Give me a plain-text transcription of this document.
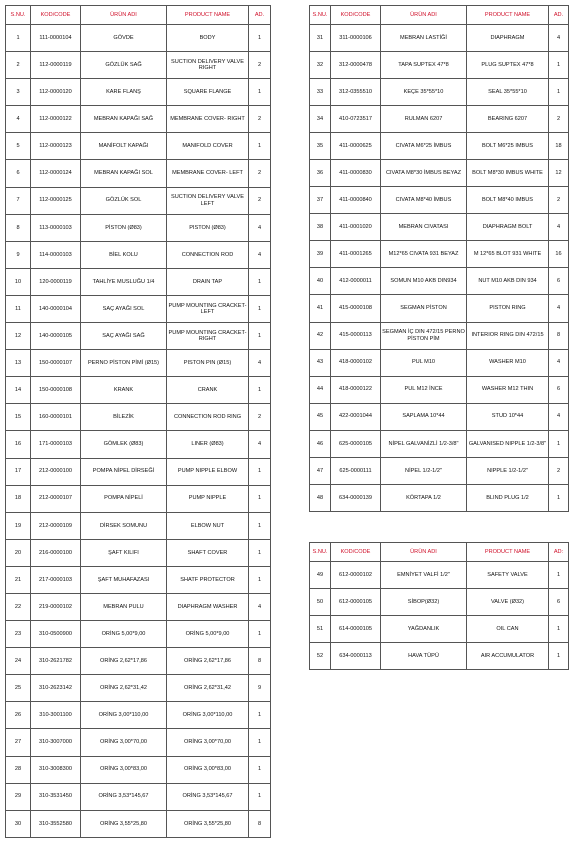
S.NU.	KOD/CODE	ÜRÜN ADI	PRODUCT NAME	AD.
1	111-0000104	GÖVDE	BODY	1
2	112-0000119	GÖZLÜK SAĞ	SUCTION DELIVERY VALVE RIGHT	2
3	112-0000120	KARE FLANŞ	SQUARE FLANGE	1
4	112-0000122	MEBRAN KAPAĞI SAĞ	MEMBRANE COVER- RIGHT	2
5	112-0000123	MANİFOLT KAPAĞI	MANIFOLD COVER	1
6	112-0000124	MEBRAN KAPAĞI SOL	MEMBRANE COVER- LEFT	2
7	112-0000125	GÖZLÜK SOL	SUCTION DELIVERY VALVE LEFT	2
8	113-0000103	PİSTON (Ø83)	PISTON (Ø83)	4
9	114-0000103	BİEL KOLU	CONNECTION ROD	4
10	120-0000119	TAHLİYE MUSLUĞU 1/4	DRAIN TAP	1
11	140-0000104	SAÇ AYAĞI SOL	PUMP MOUNTING CRACKET-LEFT	1
12	140-0000105	SAÇ AYAĞI SAĞ	PUMP MOUNTING CRACKET-RIGHT	1
13	150-0000107	PERNO PİSTON PİMİ (Ø15)	PISTON PIN (Ø15)	4
14	150-0000108	KRANK	CRANK	1
15	160-0000101	BİLEZİK	CONNECTION ROD RING	2
16	171-0000103	GÖMLEK (Ø83)	LINER (Ø83)	4
17	212-0000100	POMPA NİPEL DİRSEĞİ	PUMP NIPPLE ELBOW	1
18	212-0000107	POMPA NİPELİ	PUMP NIPPLE	1
19	212-0000109	DİRSEK SOMUNU	ELBOW NUT	1
20	216-0000100	ŞAFT KILIFI	SHAFT COVER	1
21	217-0000103	ŞAFT MUHAFAZASI	SHATF PROTECTOR	1
22	219-0000102	MEBRAN PULU	DIAPHRAGM WASHER	4
23	310-0500900	ORİNG 5,00*9,00	ORİNG 5,00*9,00	1
24	310-2621782	ORİNG 2,62*17,86	ORİNG 2,62*17,86	8
25	310-2623142	ORİNG 2,62*31,42	ORİNG 2,62*31,42	9
26	310-3001100	ORİNG 3,00*110,00	ORİNG 3,00*110,00	1
27	310-3007000	ORİNG 3,00*70,00	ORİNG 3,00*70,00	1
28	310-3008300	ORİNG 3,00*83,00	ORİNG 3,00*83,00	1
29	310-3531450	ORİNG 3,53*145,67	ORİNG 3,53*145,67	1
30	310-3552580	ORİNG 3,55*25,80	ORİNG 3,55*25,80	8
S.NU.	KOD/CODE	ÜRÜN ADI	PRODUCT NAME	AD.
31	311-0000106	MEBRAN LASTİĞİ	DIAPHRAGM	4
32	312-0000478	TAPA SUPTEX 47*8	PLUG SUPTEX 47*8	1
33	312-0355510	KEÇE 35*55*10	SEAL 35*55*10	1
34	410-0723517	RULMAN 6207	BEARING 6207	2
35	411-0000625	CIVATA M6*25 İMBUS	BOLT M6*25 IMBUS	18
36	411-0000830	CIVATA M8*30 İMBUS BEYAZ	BOLT M8*30 IMBUS WHITE	12
37	411-0000840	CIVATA M8*40 İMBUS	BOLT M8*40 IMBUS	2
38	411-0001020	MEBRAN CIVATASI	DIAPHRAGM BOLT	4
39	411-0001265	M12*65 CIVATA 931 BEYAZ	M 12*65 BLOT 931 WHITE	16
40	412-0000011	SOMUN M10 AKB DIN934	NUT M10 AKB DIN 934	6
41	415-0000108	SEGMAN PİSTON	PISTON RING	4
42	415-0000113	SEGMAN İÇ DIN 472/15 PERNO PİSTON PİM	INTERIOR RING DIN 472/15	8
43	418-0000102	PUL M10	WASHER M10	4
44	418-0000122	PUL M12 İNCE	WASHER M12 THIN	6
45	422-0001044	SAPLAMA 10*44	STUD 10*44	4
46	625-0000105	NİPEL GALVANİZLİ 1/2-3/8"	GALVANISED NIPPLE 1/2-3/8"	1
47	625-0000111	NİPEL 1/2-1/2"	NIPPLE 1/2-1/2"	2
48	634-0000139	KÖRTAPA 1/2	BLIND PLUG 1/2	1
S.NU.	KOD/CODE	ÜRÜN ADI	PRODUCT NAME	AD:
49	612-0000102	EMNİYET VALFİ 1/2"	SAFETY VALVE	1
50	612-0000105	SİBOP(Ø32)	VALVE (Ø32)	6
51	614-0000105	YAĞDANLIK	OIL CAN	1
52	634-0000113	HAVA TÜPÜ	AIR ACCUMULATOR	1
